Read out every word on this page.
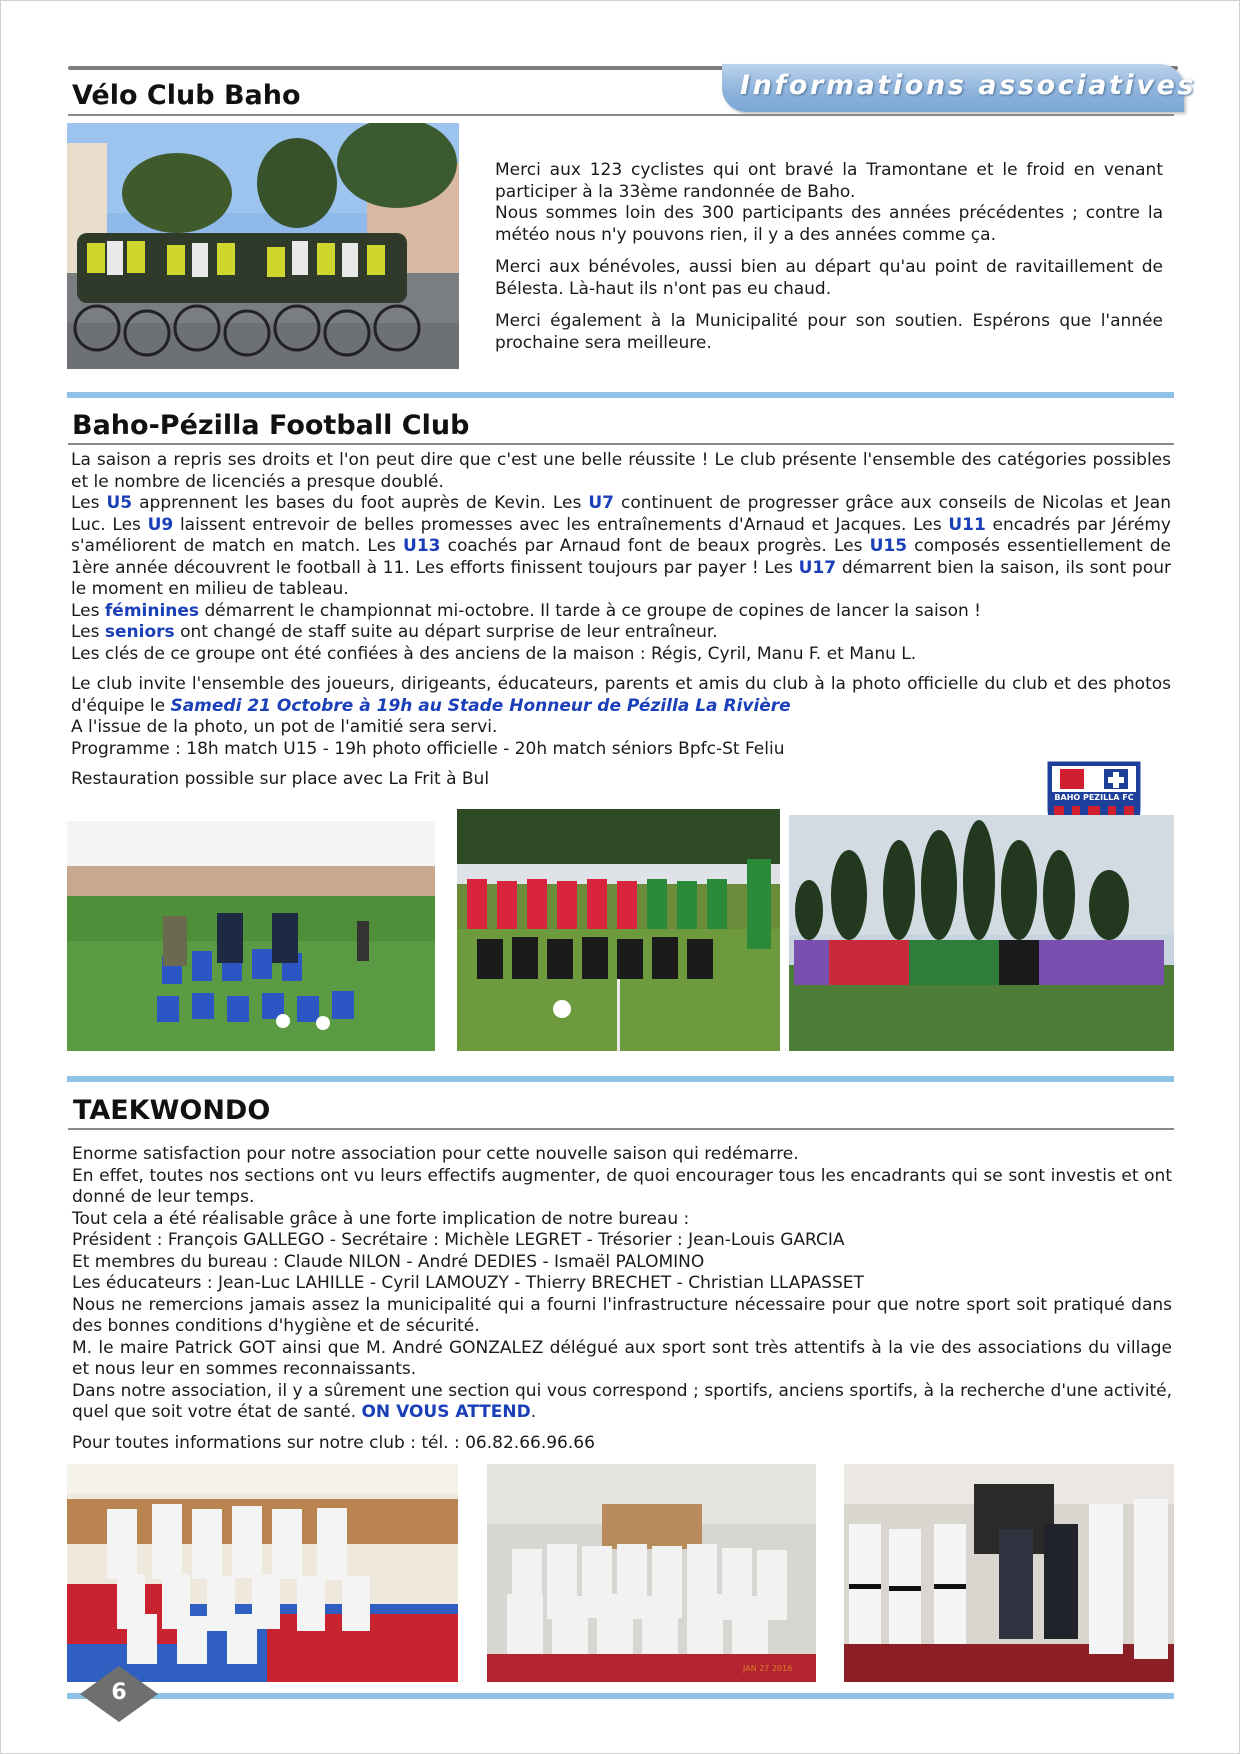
Informations associatives
Vélo Club Baho

Merci aux 123 cyclistes qui ont bravé la Tramontane et le froid en venant participer à la 33ème randonnée de Baho.

Nous sommes loin des 300 participants des années précédentes ; contre la météo nous n'y pouvons rien, il y a des années comme ça.

Merci aux bénévoles, aussi bien au départ qu'au point de ravitaillement de Bélesta. Là-haut ils n'ont pas eu chaud.

Merci également à la Municipalité pour son soutien. Espérons que l'année prochaine sera meilleure.

Baho-Pézilla Football Club

La saison a repris ses droits et l'on peut dire que c'est une belle réussite ! Le club présente l'ensemble des catégories possibles et le nombre de licenciés a presque doublé.

Les U5 apprennent les bases du foot auprès de Kevin. Les U7 continuent de progresser grâce aux conseils de Nicolas et Jean Luc. Les U9 laissent entrevoir de belles promesses avec les entraînements d'Arnaud et Jacques. Les U11 encadrés par Jérémy s'améliorent de match en match. Les U13 coachés par Arnaud font de beaux progrès. Les U15 composés essentiellement de 1ère année découvrent le football à 11. Les efforts finissent toujours par payer ! Les U17 démarrent bien la saison, ils sont pour le moment en milieu de tableau.

Les féminines démarrent le championnat mi-octobre. Il tarde à ce groupe de copines de lancer la saison !

Les seniors ont changé de staff suite au départ surprise de leur entraîneur.

Les clés de ce groupe ont été confiées à des anciens de la maison : Régis, Cyril, Manu F. et Manu L.

Le club invite l'ensemble des joueurs, dirigeants, éducateurs, parents et amis du club à la photo officielle du club et des photos d'équipe le Samedi 21 Octobre à 19h au Stade Honneur de Pézilla La Rivière

A l'issue de la photo, un pot de l'amitié sera servi.

Programme : 18h match U15 - 19h photo officielle - 20h match séniors Bpfc-St Feliu

Restauration possible sur place avec La Frit à Bul

BAHO PEZILLA FC
TAEKWONDO

Enorme satisfaction pour notre association pour cette nouvelle saison qui redémarre.

En effet, toutes nos sections ont vu leurs effectifs augmenter, de quoi encourager tous les encadrants qui se sont investis et ont donné de leur temps.

Tout cela a été réalisable grâce à une forte implication de notre bureau :

Président : François GALLEGO - Secrétaire : Michèle LEGRET - Trésorier : Jean-Louis GARCIA

Et membres du bureau : Claude NILON - André DEDIES - Ismaël PALOMINO

Les éducateurs : Jean-Luc LAHILLE - Cyril LAMOUZY - Thierry BRECHET - Christian LLAPASSET

Nous ne remercions jamais assez la municipalité qui a fourni l'infrastructure nécessaire pour que notre sport soit pratiqué dans des bonnes conditions d'hygiène et de sécurité.

M. le maire Patrick GOT ainsi que M. André GONZALEZ délégué aux sport sont très attentifs à la vie des associations du village et nous leur en sommes reconnaissants.

Dans notre association, il y a sûrement une section qui vous correspond ; sportifs, anciens sportifs, à la recherche d'une activité, quel que soit votre état de santé. ON VOUS ATTEND.

Pour toutes informations sur notre club : tél. : 06.82.66.96.66

JAN 27 2016
6
